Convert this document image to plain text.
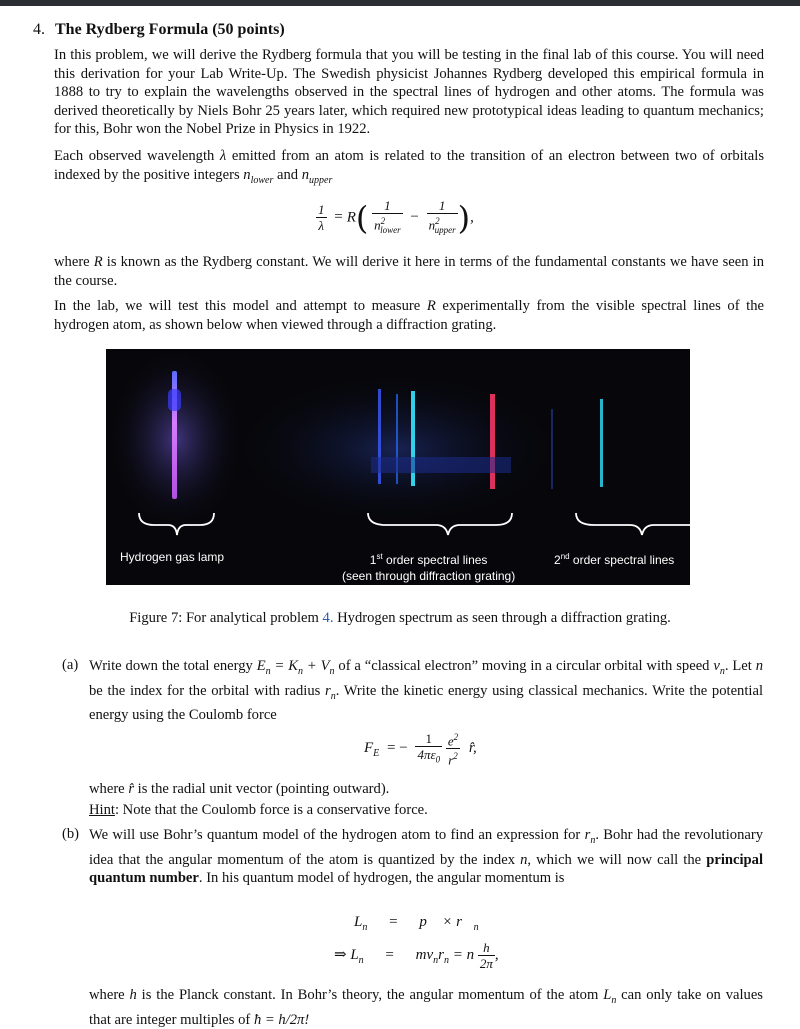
4. The Rydberg Formula (50 points)
In this problem, we will derive the Rydberg formula that you will be testing in the final lab of this course. You will need this derivation for your Lab Write-Up. The Swedish physicist Johannes Rydberg developed this empirical formula in 1888 to try to explain the wavelengths observed in the spectral lines of hydrogen and other atoms. The formula was derived theoretically by Niels Bohr 25 years later, which required new prototypical ideas leading to quantum mechanics; for this, Bohr won the Nobel Prize in Physics in 1922.
Each observed wavelength λ emitted from an atom is related to the transition of an electron between two of orbitals indexed by the positive integers $n_{lower}$ and $n_{upper}$
$\frac{1}{\lambda} = R( \frac{1}{n^2_{lower}} - \frac{1}{n^2_{upper}}$ ),
where R is known as the Rydberg constant. We will derive it here in terms of the fundamental constants we have seen in the course.
In the lab, we will test this model and attempt to measure R experimentally from the visible spectral lines of the hydrogen atom, as shown below when viewed through a diffraction grating.
Hydrogen gas lamp	1st order spectral lines
(seen through diffraction grating)
2nd order spectral lines
Figure 7: For analytical problem 4. Hydrogen spectrum as seen through a diffraction grating.
(a) Write down the total energy $E_n = K_n + V_n$ of a “classical electron” moving in a circular orbital with speed $v_n$. Let n be the index for the orbital with radius $r_n$. Write the kinetic energy using classical mechanics. Write the potential energy using the Coulomb force
$F_E$ = − $\frac{1}{4\pi\varepsilon_0}$
$\frac{e^2}{r^2}$ r̂,
where r̂ is the radial unit vector (pointing outward).
Hint: Note that the Coulomb force is a conservative force.
(b) We will use Bohr’s quantum model of the hydrogen atom to find an expression for $r_n$. Bohr had the revolutionary idea that the angular momentum of the atom is quantized by the index n, which we will now call the principal quantum number. In his quantum model of hydrogen, the angular momentum is
$L_n$ = p⃗ × $r⃗_n$
⇒ $L_n = mv_nr_n = n \frac{h}{2\pi}$ ,
where h is the Planck constant. In Bohr’s theory, the angular momentum of the atom $L_n$ can only take on values that are integer multiples of ħ = h/2π!
